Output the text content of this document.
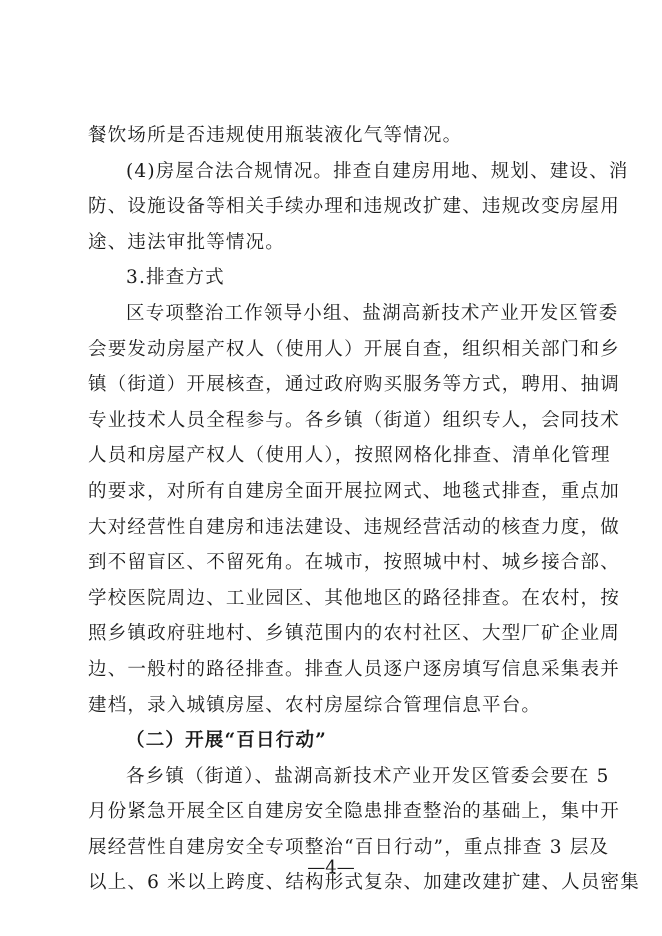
餐饮场所是否违规使用瓶装液化气等情况。
(4)房屋合法合规情况。排查自建房用地、规划、建设、消
防、设施设备等相关手续办理和违规改扩建、违规改变房屋用
途、违法审批等情况。
3.排查方式
区专项整治工作领导小组、盐湖高新技术产业开发区管委
会要发动房屋产权人（使用人）开展自查，组织相关部门和乡
镇（街道）开展核查，通过政府购买服务等方式，聘用、抽调
专业技术人员全程参与。各乡镇（街道）组织专人，会同技术
人员和房屋产权人（使用人），按照网格化排查、清单化管理
的要求，对所有自建房全面开展拉网式、地毯式排查，重点加
大对经营性自建房和违法建设、违规经营活动的核查力度，做
到不留盲区、不留死角。在城市，按照城中村、城乡接合部、
学校医院周边、工业园区、其他地区的路径排查。在农村，按
照乡镇政府驻地村、乡镇范围内的农村社区、大型厂矿企业周
边、一般村的路径排查。排查人员逐户逐房填写信息采集表并
建档，录入城镇房屋、农村房屋综合管理信息平台。
（二）开展“百日行动”
各乡镇（街道）、盐湖高新技术产业开发区管委会要在 5
月份紧急开展全区自建房安全隐患排查整治的基础上，集中开
展经营性自建房安全专项整治“百日行动”，重点排查 3 层及
以上、6 米以上跨度、结构形式复杂、加建改建扩建、人员密集
—4—
